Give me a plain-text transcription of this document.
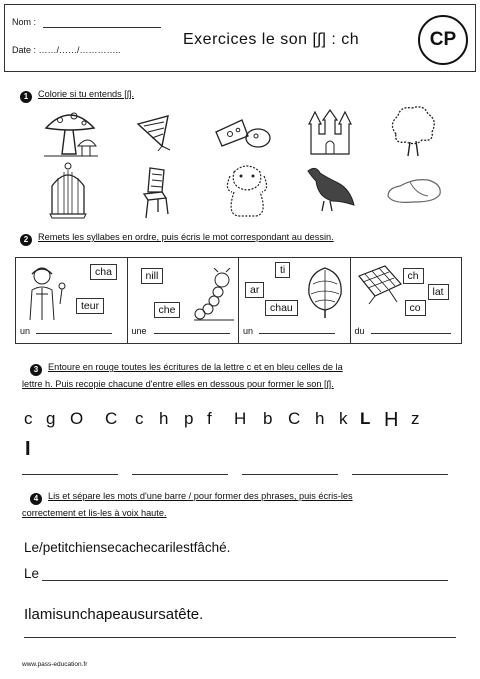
Nom :
Date : ……/……/…………..
Exercices le son [ʃ] : ch	CP
1 Colorie si tu entends [ʃ].
2 Remets les syllabes en ordre, puis écris le mot correspondant au dessin.
cha
teur
un
nill
che
une
ti
ar
chau
un
ch
lat
co
du
3 Entoure en rouge toutes les écritures de la lettre c et en bleu celles de la
lettre h. Puis recopie chacune d'entre elles en dessous pour former le son [ʃ].
c g O	C	c h p f	H b C h k L H z
I
4 Lis et sépare les mots d'une barre / pour former des phrases, puis écris-les
correctement et lis-les à voix haute.
Le/petitchiensecachecarilestfâché.
Le
Ilamisunchapeausursatête.
www.pass-education.fr
